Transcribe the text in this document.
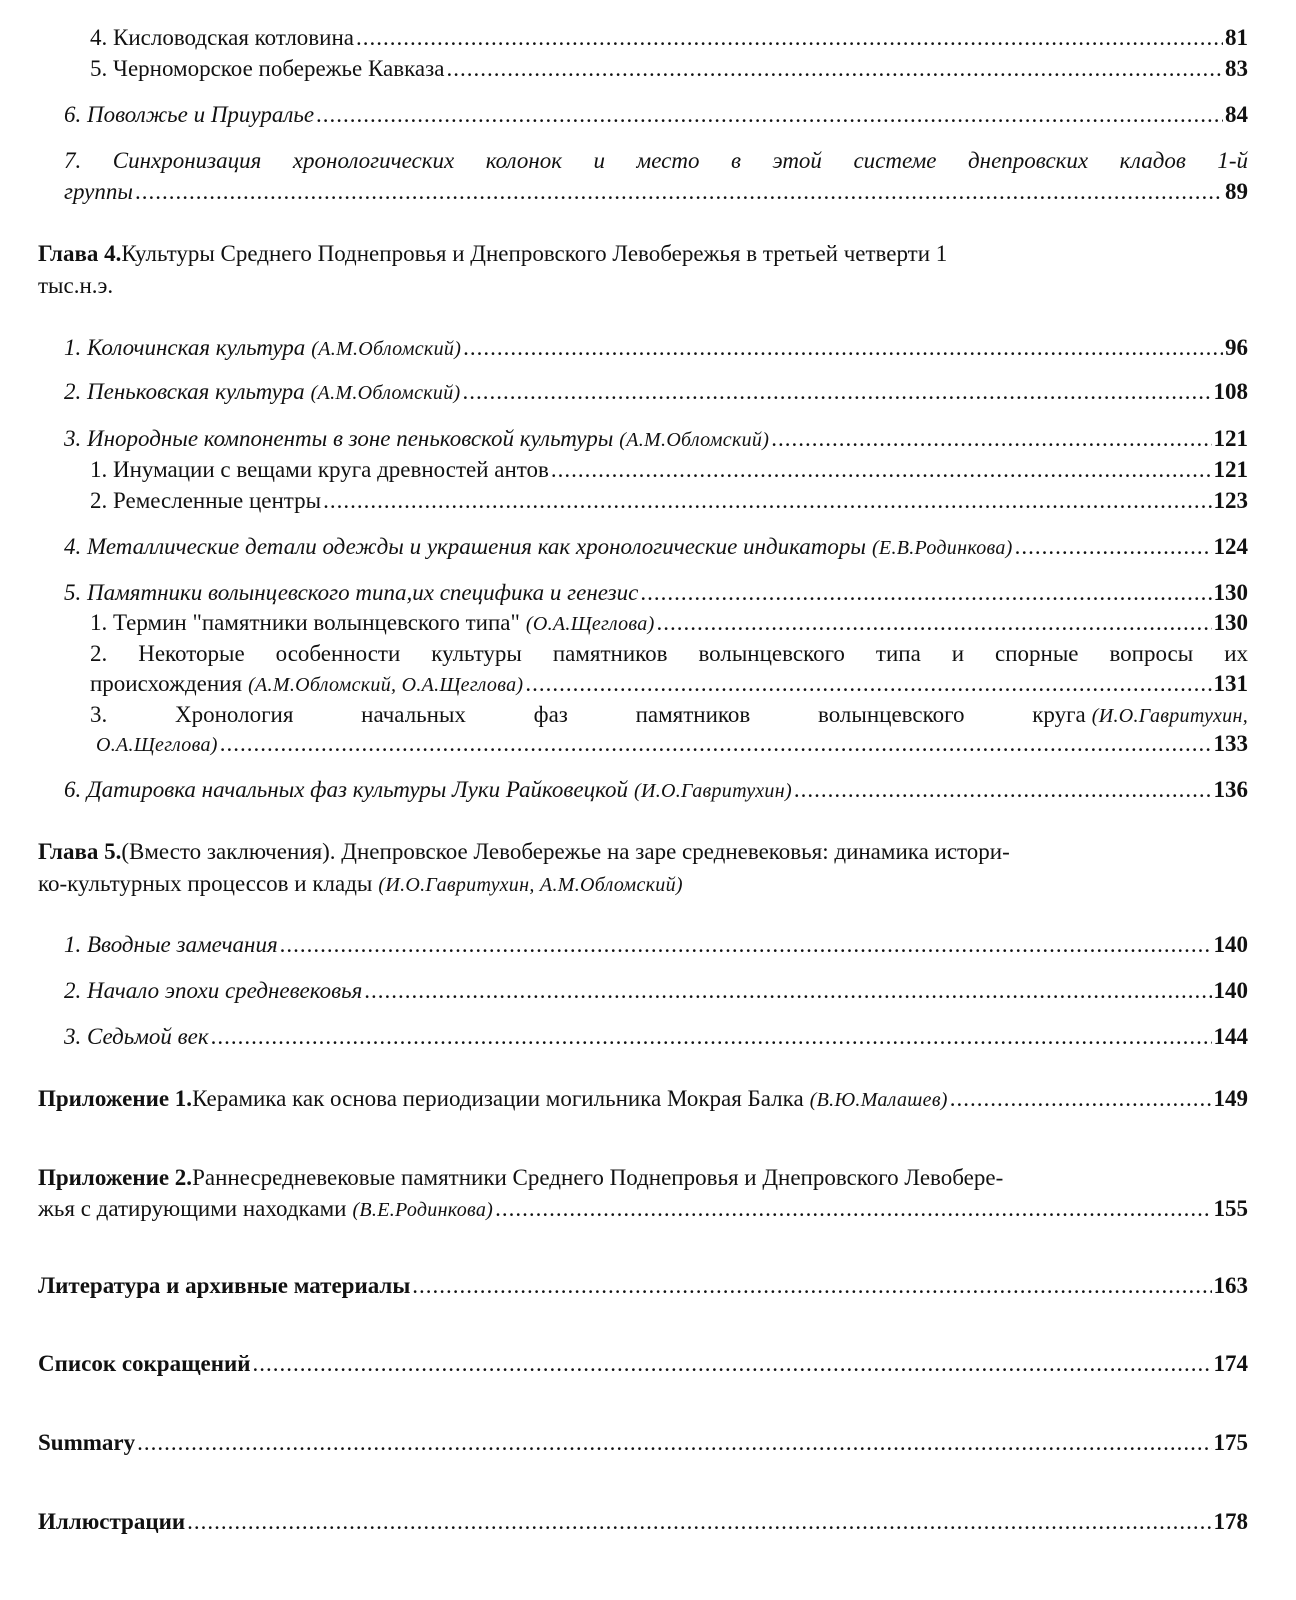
4. Кисловодская котловина .....	81
5. Черноморское побережье Кавказа .....	83
6. Поволжье и Приуралье .....	84
7. Синхронизация хронологических колонок и место в этой системе днепровских кладов 1-й
группы .....	89
Глава 4. Культуры Среднего Поднепровья и Днепровского Левобережья в третьей четверти 1
тыс.н.э.
1. Колочинская культура (А.М.Обломский) .....	96
2. Пеньковская культура (А.М.Обломский) .....	108
3. Инородные компоненты в зоне пеньковской культуры (А.М.Обломский) .....	121
1. Инумации с вещами круга древностей антов .....	121
2. Ремесленные центры .....	123
4. Металлические детали одежды и украшения как хронологические индикаторы (Е.В.Родинкова) .....	124
5. Памятники волынцевского типа,их специфика и генезис .....	130
1. Термин "памятники волынцевского типа" (О.А.Щеглова) .....	130
2. Некоторые особенности культуры памятников волынцевского типа и спорные вопросы их
происхождения (А.М.Обломский, О.А.Щеглова) .....	131
3. Хронология начальных фаз памятников волынцевского круга (И.О.Гавритухин,
О.А.Щеглова) .....	133
6. Датировка начальных фаз культуры Луки Райковецкой (И.О.Гавритухин) .....	136
Глава 5. (Вместо заключения). Днепровское Левобережье на заре средневековья: динамика истори-
ко-культурных процессов и клады (И.О.Гавритухин, А.М.Обломский)
1. Вводные замечания .....	140
2. Начало эпохи средневековья .....	140
3. Седьмой век .....	144
Приложение 1. Керамика как основа периодизации могильника Мокрая Балка (В.Ю.Малашев) .....	149
Приложение 2. Раннесредневековые памятники Среднего Поднепровья и Днепровского Левобере-
жья с датирующими находками (В.Е.Родинкова) .....	155
Литература и архивные материалы .....	163
Список сокращений .....	174
Summary .....	175
Иллюстрации .....	178
